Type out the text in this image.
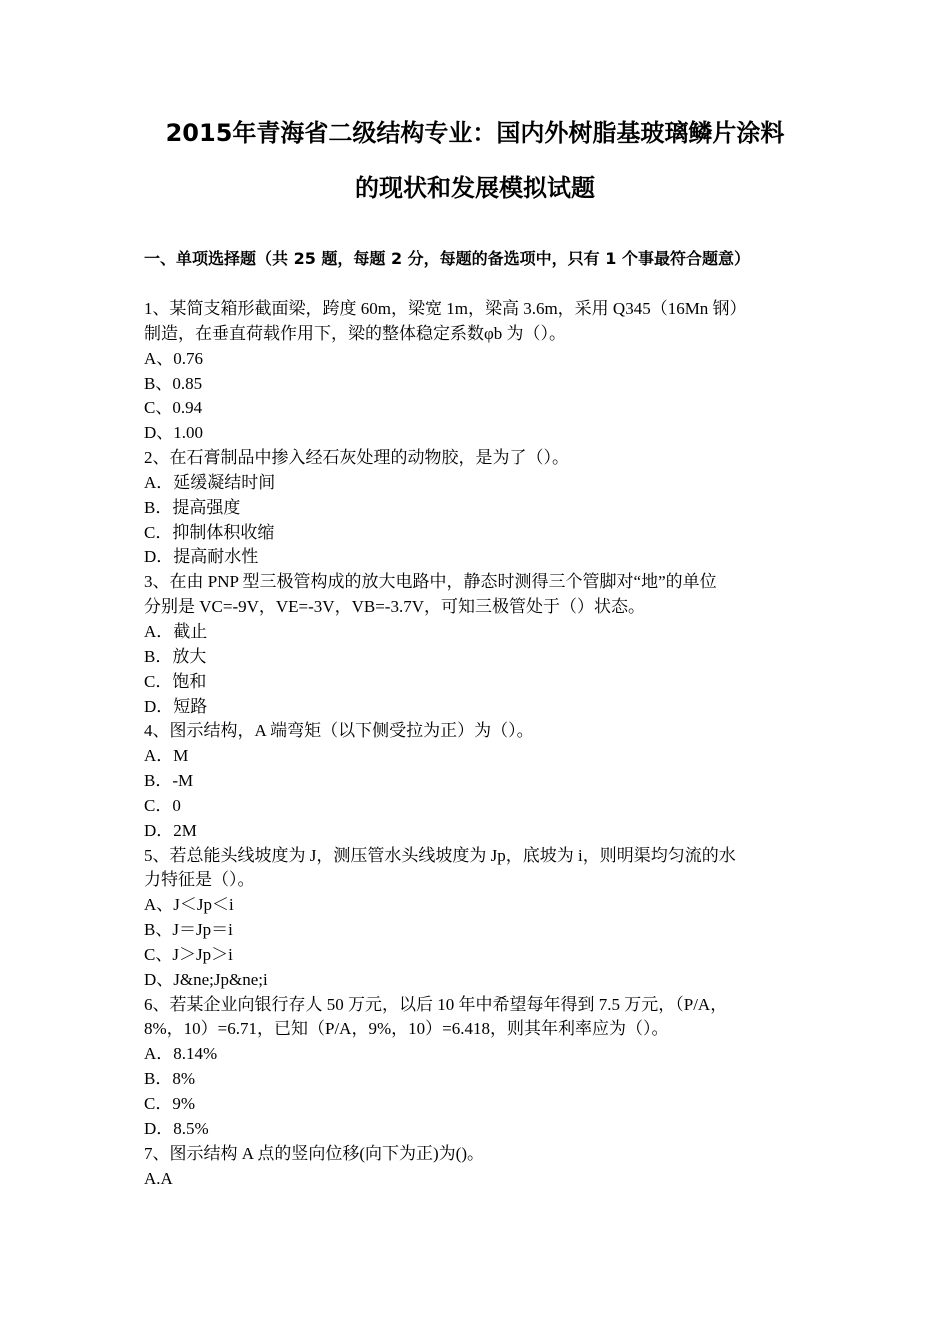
2015年青海省二级结构专业：国内外树脂基玻璃鳞片涂料
的现状和发展模拟试题
一、单项选择题（共 25 题，每题 2 分，每题的备选项中，只有 1 个事最符合题意）
1、某简支箱形截面梁，跨度 60m，梁宽 1m，梁高 3.6m，采用 Q345（16Mn 钢）
制造，在垂直荷载作用下，梁的整体稳定系数φb 为（）。
A、0.76
B、0.85
C、0.94
D、1.00
2、在石膏制品中掺入经石灰处理的动物胶，是为了（）。
A．延缓凝结时间
B．提高强度
C．抑制体积收缩
D．提高耐水性
3、在由 PNP 型三极管构成的放大电路中，静态时测得三个管脚对“地”的单位
分别是 VC=-9V，VE=-3V，VB=-3.7V，可知三极管处于（）状态。
A．截止
B．放大
C．饱和
D．短路
4、图示结构，A 端弯矩（以下侧受拉为正）为（）。
A．M
B．-M
C．0
D．2M
5、若总能头线坡度为 J，测压管水头线坡度为 Jp，底坡为 i，则明渠均匀流的水
力特征是（）。
A、J＜Jp＜i
B、J＝Jp＝i
C、J＞Jp＞i
D、J&ne;Jp&ne;i
6、若某企业向银行存人 50 万元，以后 10 年中希望每年得到 7.5 万元，（P/A，
8%，10）=6.71，已知（P/A，9%，10）=6.418，则其年利率应为（）。
A．8.14%
B．8%
C．9%
D．8.5%
7、图示结构 A 点的竖向位移(向下为正)为()。
A.A
